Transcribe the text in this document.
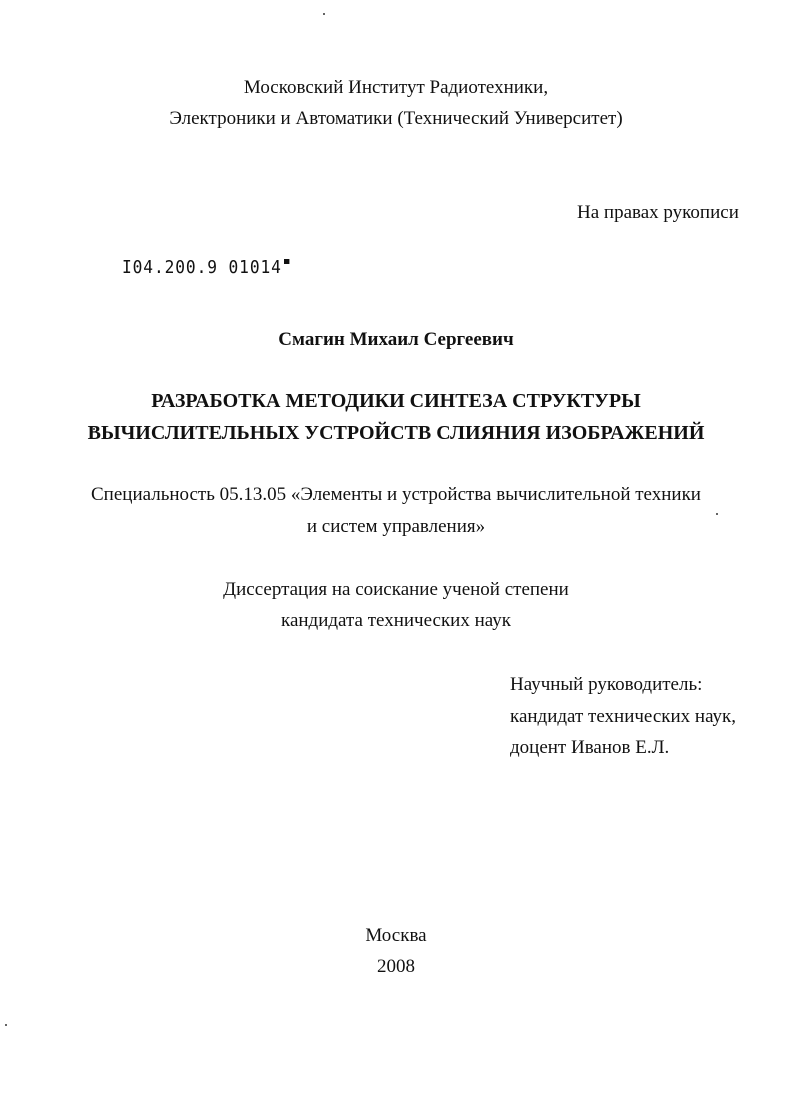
Московский Институт Радиотехники,
Электроники и Автоматики (Технический Университет)
На правах рукописи
I04.200.9 01014
Смагин Михаил Сергеевич
РАЗРАБОТКА МЕТОДИКИ СИНТЕЗА СТРУКТУРЫ
ВЫЧИСЛИТЕЛЬНЫХ УСТРОЙСТВ СЛИЯНИЯ ИЗОБРАЖЕНИЙ
Специальность 05.13.05 «Элементы и устройства вычислительной техники
и систем управления»
Диссертация на соискание ученой степени
кандидата технических наук
Научный руководитель:
кандидат технических наук,
доцент Иванов Е.Л.
Москва
2008
